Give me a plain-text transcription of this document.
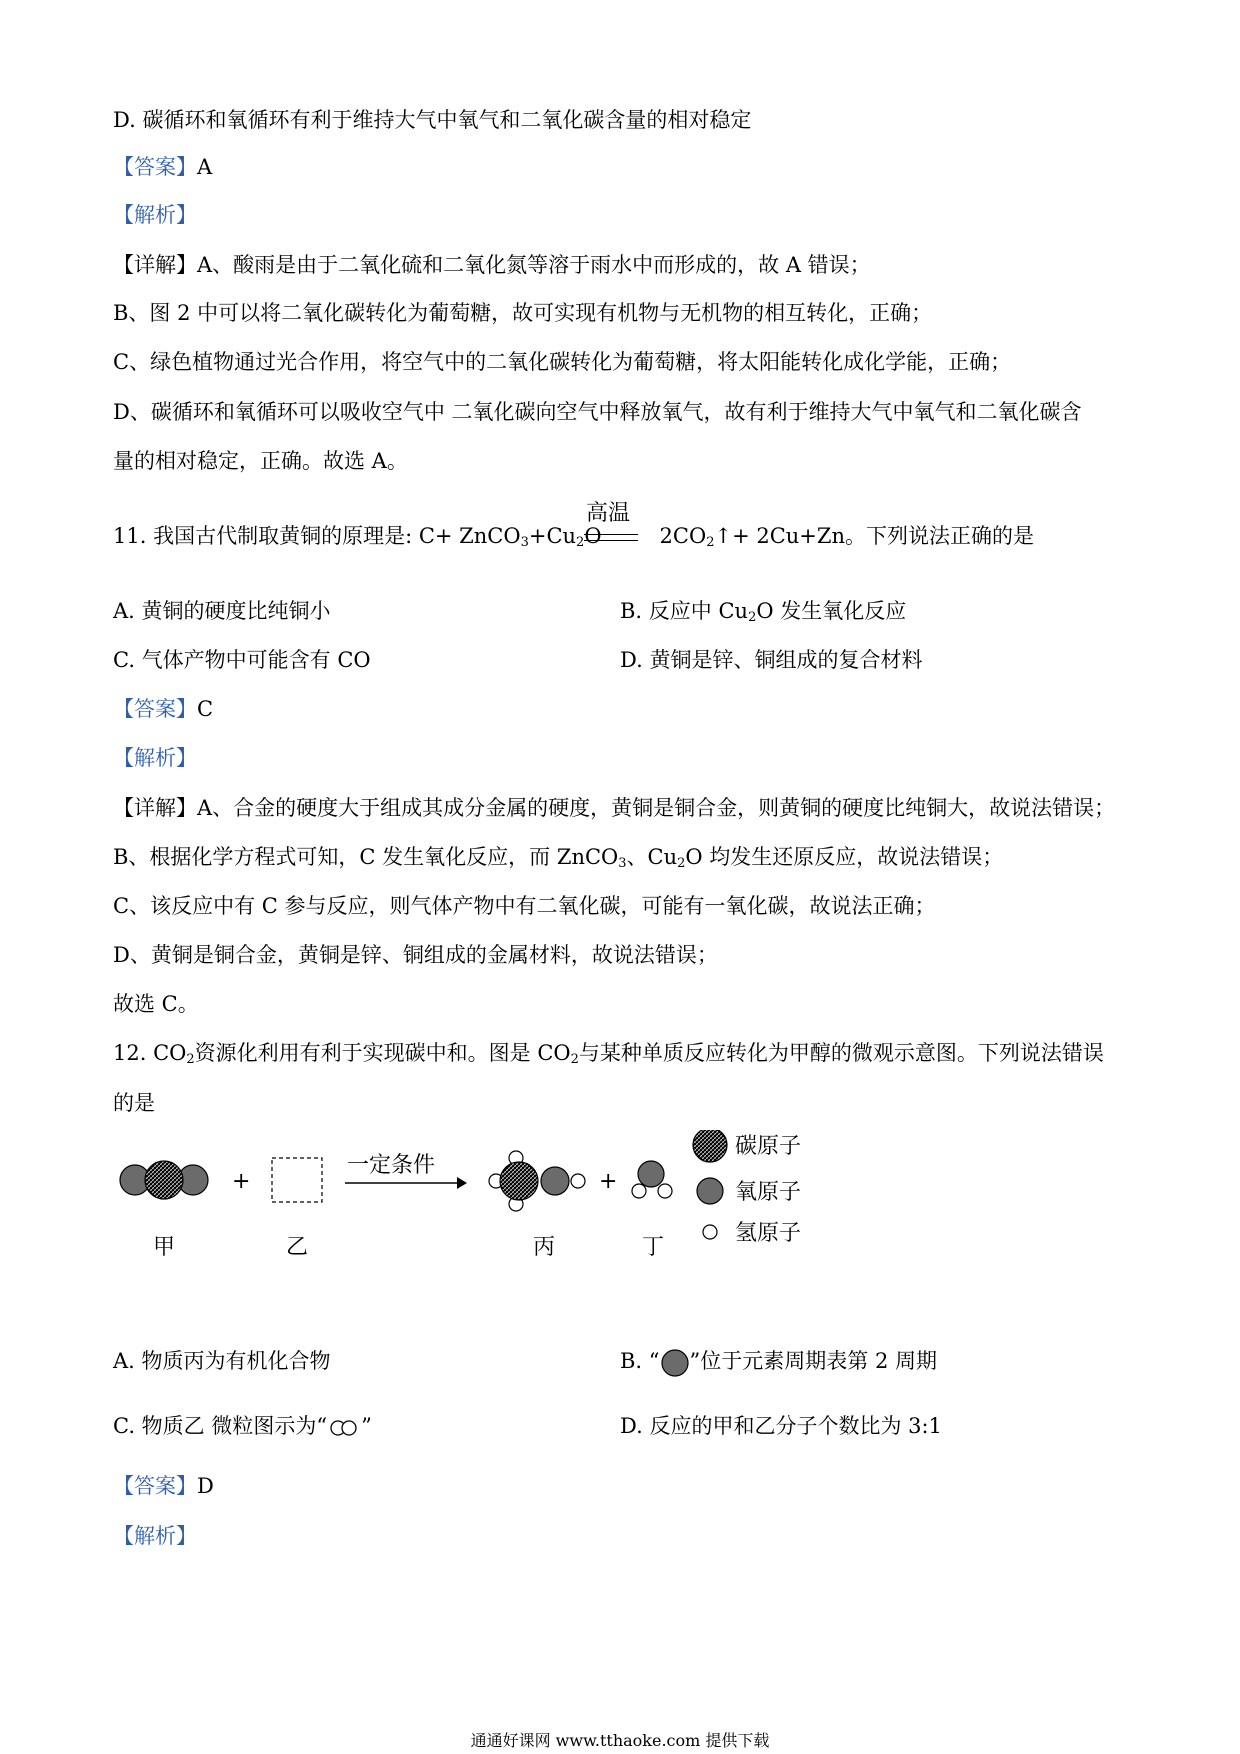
D. 碳循环和氧循环有利于维持大气中氧气和二氧化碳含量的相对稳定
【答案】A
【解析】
【详解】A、酸雨是由于二氧化硫和二氧化氮等溶于雨水中而形成的，故 A 错误；
B、图 2 中可以将二氧化碳转化为葡萄糖，故可实现有机物与无机物的相互转化，正确；
C、绿色植物通过光合作用，将空气中的二氧化碳转化为葡萄糖，将太阳能转化成化学能，正确；
D、碳循环和氧循环可以吸收空气中 二氧化碳向空气中释放氧气，故有利于维持大气中氧气和二氧化碳含
量的相对稳定，正确。故选 A。
11. 我国古代制取黄铜的原理是: $C+ ZnCO_3+Cu_2O$	$2CO_2↑+ 2Cu+Zn$。下列说法正确的是
高温
A. 黄铜的硬度比纯铜小	B. 反应中 $Cu_2O$ 发生氧化反应
C. 气体产物中可能含有 CO	D. 黄铜是锌、铜组成的复合材料
【答案】C
【解析】
【详解】A、合金的硬度大于组成其成分金属的硬度，黄铜是铜合金，则黄铜的硬度比纯铜大，故说法错误；
B、根据化学方程式可知，C 发生氧化反应，而 ZnCO$_3$、$Cu_2O$ 均发生还原反应，故说法错误；
C、该反应中有 C 参与反应，则气体产物中有二氧化碳，可能有一氧化碳，故说法正确；
D、黄铜是铜合金，黄铜是锌、铜组成的金属材料，故说法错误；
故选 C。
12. $CO_2$资源化利用有利于实现碳中和。图是 $CO_2$与某种单质反应转化为甲醇的微观示意图。下列说法错误
的是
甲
+
乙
一定条件
丙
+
丁
碳原子
氧原子
氢原子
A. 物质丙为有机化合物	B. “ ”位于元素周期表第 2 周期
C. 物质乙 微粒图示为“ ”	D. 反应的甲和乙分子个数比为 3:1
【答案】D
【解析】
通通好课网 www.tthaoke.com 提供下载
